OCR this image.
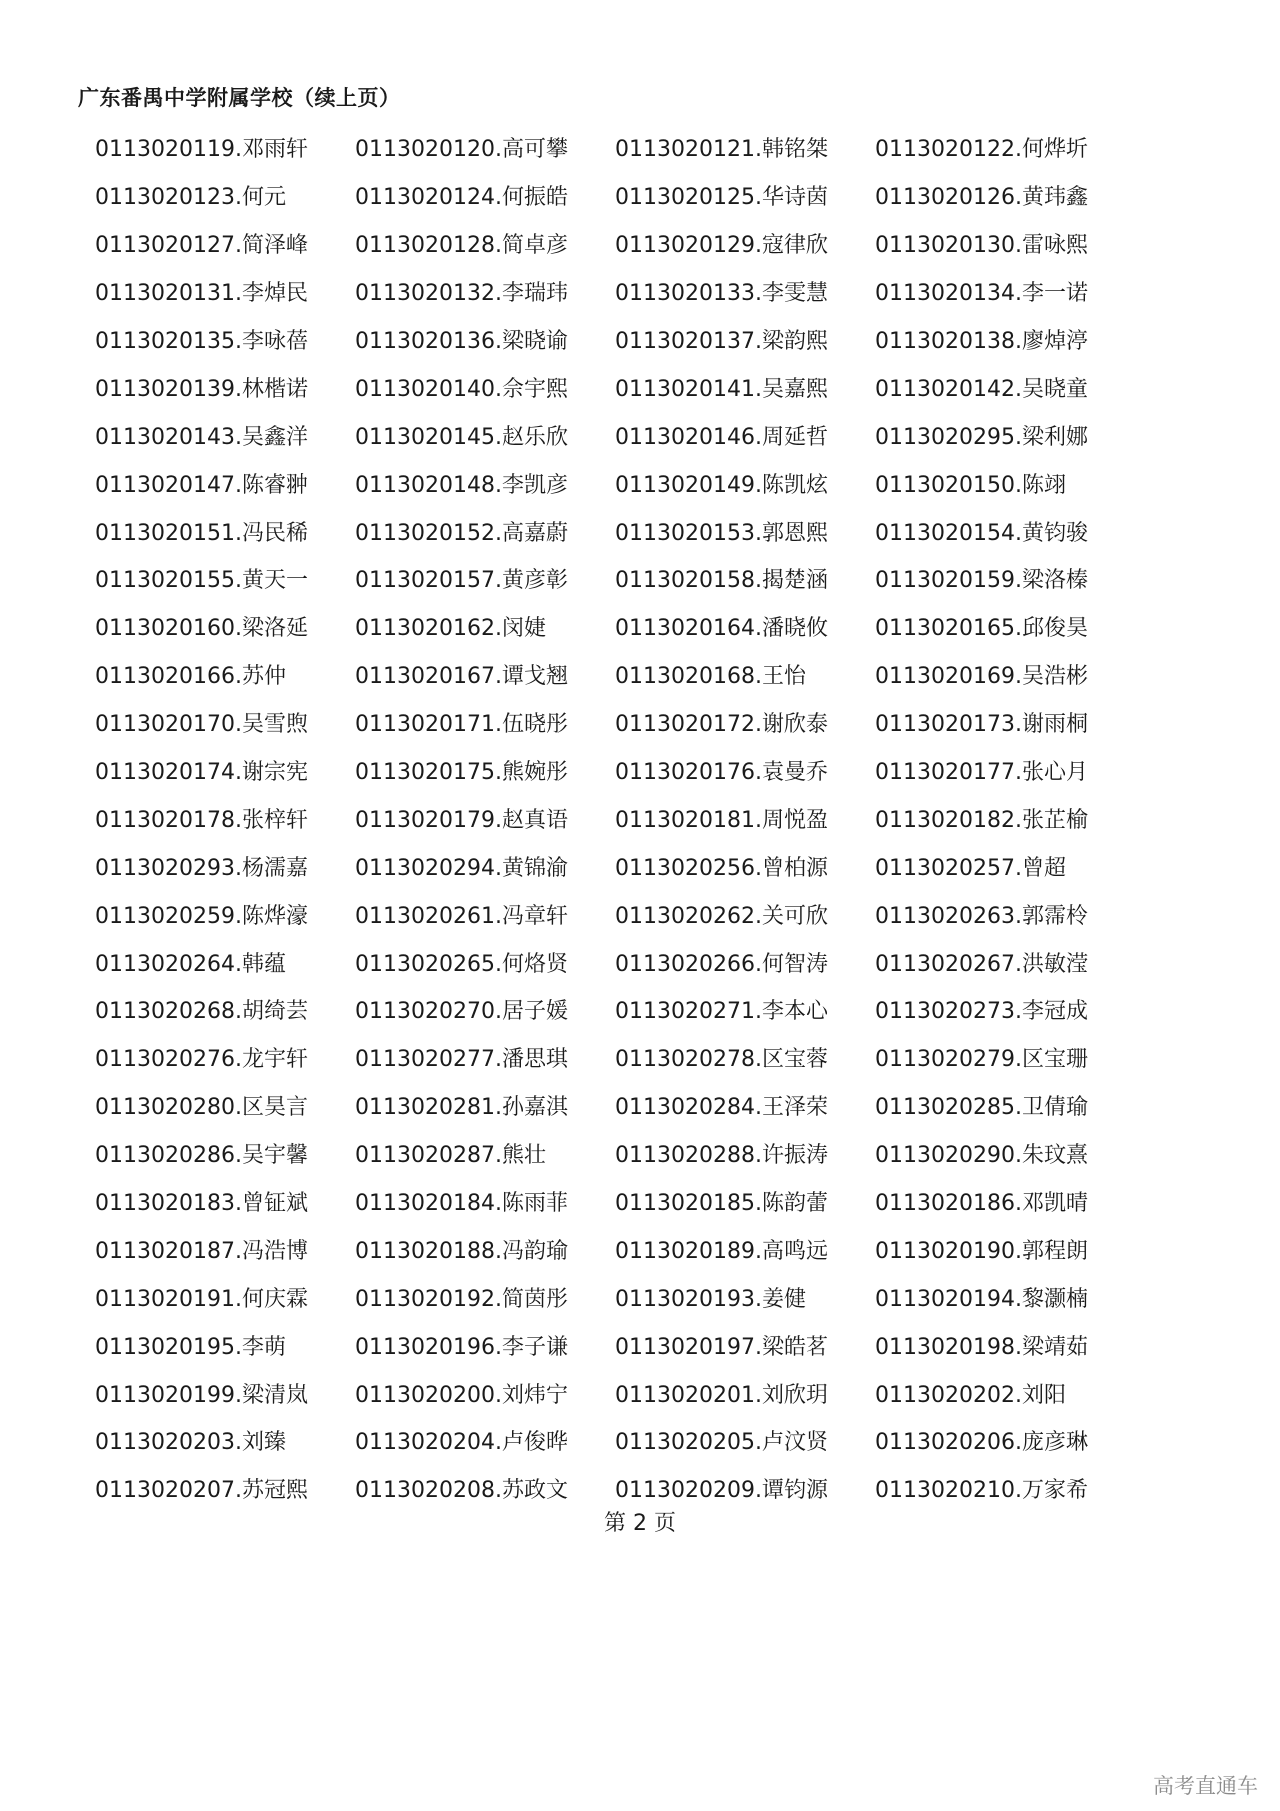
广东番禺中学附属学校（续上页）
0113020119.邓雨轩	0113020120.高可攀	0113020121.韩铭桀	0113020122.何烨圻
0113020123.何元	0113020124.何振皓	0113020125.华诗茵	0113020126.黄玮鑫
0113020127.简泽峰	0113020128.简卓彦	0113020129.寇律欣	0113020130.雷咏熙
0113020131.李焯民	0113020132.李瑞玮	0113020133.李雯慧	0113020134.李一诺
0113020135.李咏蓓	0113020136.梁晓谕	0113020137.梁韵熙	0113020138.廖焯渟
0113020139.林楷诺	0113020140.佘宇熙	0113020141.吴嘉熙	0113020142.吴晓童
0113020143.吴鑫洋	0113020145.赵乐欣	0113020146.周延哲	0113020295.梁利娜
0113020147.陈睿翀	0113020148.李凯彦	0113020149.陈凯炫	0113020150.陈翊
0113020151.冯民稀	0113020152.高嘉蔚	0113020153.郭恩熙	0113020154.黄钧骏
0113020155.黄天一	0113020157.黄彦彰	0113020158.揭楚涵	0113020159.梁洛榛
0113020160.梁洛延	0113020162.闵婕	0113020164.潘晓攸	0113020165.邱俊昊
0113020166.苏仲	0113020167.谭戈翘	0113020168.王怡	0113020169.吴浩彬
0113020170.吴雪煦	0113020171.伍晓彤	0113020172.谢欣泰	0113020173.谢雨桐
0113020174.谢宗宪	0113020175.熊婉彤	0113020176.袁曼乔	0113020177.张心月
0113020178.张梓轩	0113020179.赵真语	0113020181.周悦盈	0113020182.张芷榆
0113020293.杨濡嘉	0113020294.黄锦渝	0113020256.曾柏源	0113020257.曾超
0113020259.陈烨濠	0113020261.冯章轩	0113020262.关可欣	0113020263.郭霈柃
0113020264.韩蕴	0113020265.何烙贤	0113020266.何智涛	0113020267.洪敏滢
0113020268.胡绮芸	0113020270.居子媛	0113020271.李本心	0113020273.李冠成
0113020276.龙宇轩	0113020277.潘思琪	0113020278.区宝蓉	0113020279.区宝珊
0113020280.区昊言	0113020281.孙嘉淇	0113020284.王泽荣	0113020285.卫倩瑜
0113020286.吴宇馨	0113020287.熊壮	0113020288.许振涛	0113020290.朱玟熹
0113020183.曾钲斌	0113020184.陈雨菲	0113020185.陈韵蕾	0113020186.邓凯晴
0113020187.冯浩博	0113020188.冯韵瑜	0113020189.高鸣远	0113020190.郭程朗
0113020191.何庆霖	0113020192.简茵彤	0113020193.姜健	0113020194.黎灏楠
0113020195.李萌	0113020196.李子谦	0113020197.梁皓茗	0113020198.梁靖茹
0113020199.梁清岚	0113020200.刘炜宁	0113020201.刘欣玥	0113020202.刘阳
0113020203.刘臻	0113020204.卢俊晔	0113020205.卢汶贤	0113020206.庞彦琳
0113020207.苏冠熙	0113020208.苏政文	0113020209.谭钧源	0113020210.万家希
第 2 页
高考直通车
